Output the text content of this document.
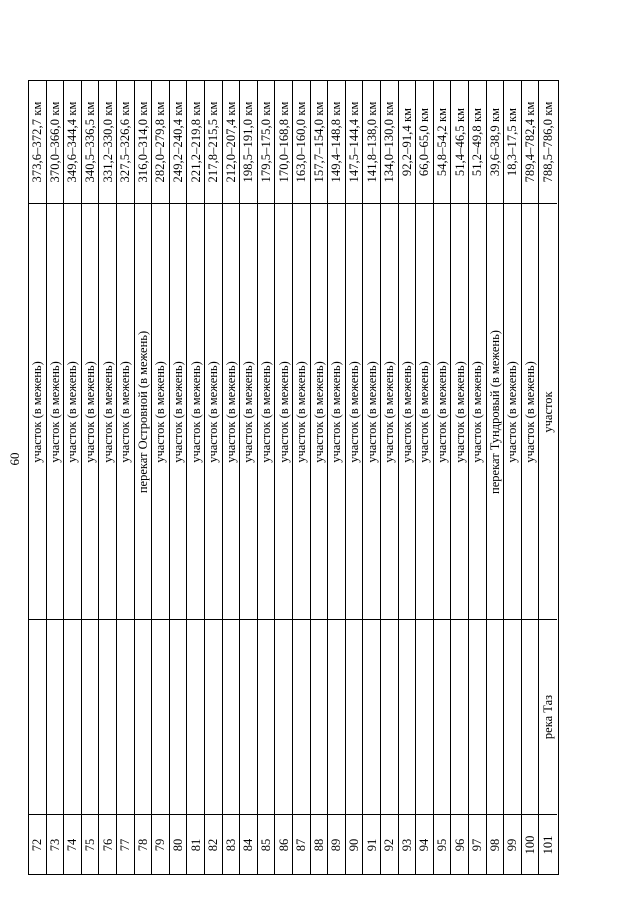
60
373,6–372,7 км
участок (в межень)
72
370,0–366,0 км
участок (в межень)
73
349,6–344,4 км
участок (в межень)
74
340,5–336,5 км
участок (в межень)
75
331,2–330,0 км
участок (в межень)
76
327,5–326,6 км
участок (в межень)
77
316,0–314,0 км
перекат Островной (в межень)
78
282,0–279,8 км
участок (в межень)
79
249,2–240,4 км
участок (в межень)
80
221,2–219,8 км
участок (в межень)
81
217,8–215,5 км
участок (в межень)
82
212,0–207,4 км
участок (в межень)
83
198,5–191,0 км
участок (в межень)
84
179,5–175,0 км
участок (в межень)
85
170,0–168,8 км
участок (в межень)
86
163,0–160,0 км
участок (в межень)
87
157,7–154,0 км
участок (в межень)
88
149,4–148,8 км
участок (в межень)
89
147,5–144,4 км
участок (в межень)
90
141,8–138,0 км
участок (в межень)
91
134,0–130,0 км
участок (в межень)
92
92,2–91,4 км
участок (в межень)
93
66,0–65,0 км
участок (в межень)
94
54,8–54,2 км
участок (в межень)
95
51,4–46,5 км
участок (в межень)
96
51,2–49,8 км
участок (в межень)
97
39,6–38,9 км
перекат Тундровый (в межень)
98
18,3–17,5 км
участок (в межень)
99
789,4–782,4 км
участок (в межень)
100
788,5–786,0 км
участок
река Таз
101
